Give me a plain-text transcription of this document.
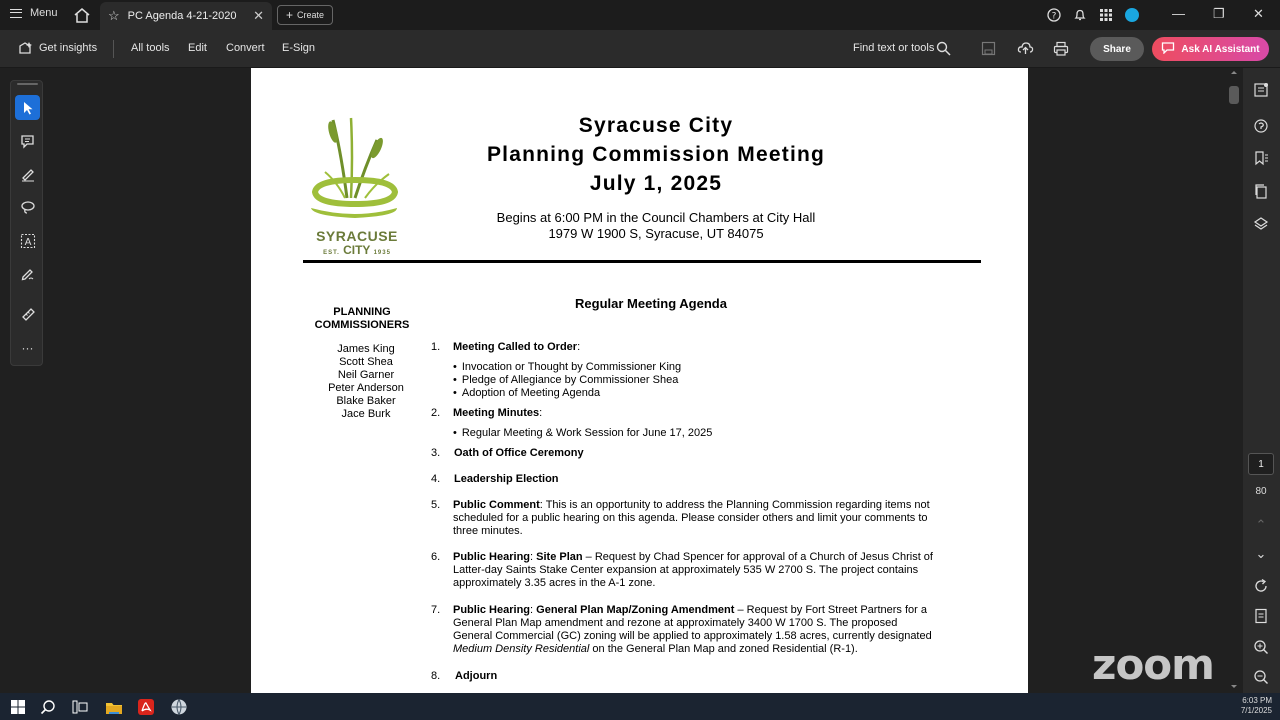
Menu	☆ PC Agenda 4-21-2020 ✕ + Create	?	— ❐ ✕
Get insights	All tools Edit Convert E-Sign	Find text or tools	Share	Ask AI Assistant
A
···
SYRACUSE
EST. CITY 1935
Syracuse City
Planning Commission Meeting
July 1, 2025
Begins at 6:00 PM in the Council Chambers at City Hall
1979 W 1900 S, Syracuse, UT 84075
Regular Meeting Agenda
PLANNING
COMMISSIONERS
James King
Scott Shea
Neil Garner
Peter Anderson
Blake Baker
Jace Burk
1. Meeting Called to Order:
• Invocation or Thought by Commissioner King
• Pledge of Allegiance by Commissioner Shea
• Adoption of Meeting Agenda
2. Meeting Minutes:
• Regular Meeting & Work Session for June 17, 2025
3. Oath of Office Ceremony
4. Leadership Election
5. Public Comment: This is an opportunity to address the Planning Commission regarding items not
scheduled for a public hearing on this agenda. Please consider others and limit your comments to
three minutes.
6. Public Hearing: Site Plan – Request by Chad Spencer for approval of a Church of Jesus Christ of
Latter-day Saints Stake Center expansion at approximately 535 W 2700 S. The project contains
approximately 3.35 acres in the A-1 zone.
7. Public Hearing: General Plan Map/Zoning Amendment – Request by Fort Street Partners for a
General Plan Map amendment and rezone at approximately 3400 W 1700 S. The proposed
General Commercial (GC) zoning will be applied to approximately 1.58 acres, currently designated
Medium Density Residential on the General Plan Map and zoned Residential (R-1).
8. Adjourn
1
80
⌃
⌄
zoom
6:03 PM
7/1/2025
